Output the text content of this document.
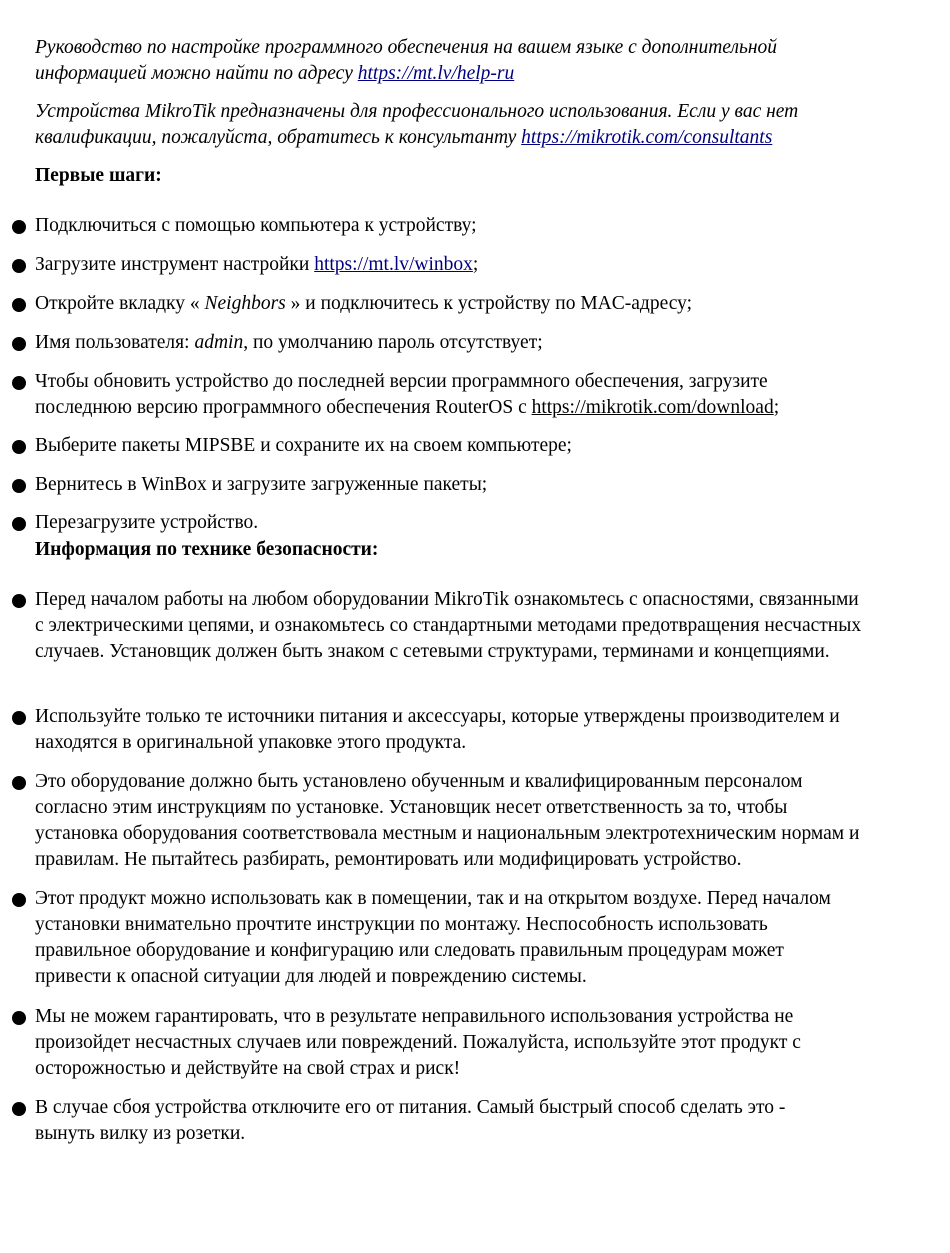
Руководство по настройке программного обеспечения на вашем языке с дополнительной информацией можно найти по адресу https://mt.lv/help-ru

Устройства MikroTik предназначены для профессионального использования. Если у вас нет квалификации, пожалуйста, обратитесь к консультанту https://mikrotik.com/consultants

Первые шаги:
Подключиться с помощью компьютера к устройству;
Загрузите инструмент настройки https://mt.lv/winbox;
Откройте вкладку « Neighbors » и подключитесь к устройству по MAC-адресу;
Имя пользователя: admin, по умолчанию пароль отсутствует;
Чтобы обновить устройство до последней версии программного обеспечения, загрузите последнюю версию программного обеспечения RouterOS с https://mikrotik.com/download;
Выберите пакеты MIPSBE и сохраните их на своем компьютере;
Вернитесь в WinBox и загрузите загруженные пакеты;
Перезагрузите устройство.
Информация по технике безопасности:
Перед началом работы на любом оборудовании MikroTik ознакомьтесь с опасностями, связанными с электрическими цепями, и ознакомьтесь со стандартными методами предотвращения несчастных случаев. Установщик должен быть знаком с сетевыми структурами, терминами и концепциями.
Используйте только те источники питания и аксессуары, которые утверждены производителем и находятся в оригинальной упаковке этого продукта.
Это оборудование должно быть установлено обученным и квалифицированным персоналом согласно этим инструкциям по установке. Установщик несет ответственность за то, чтобы установка оборудования соответствовала местным и национальным электротехническим нормам и правилам. Не пытайтесь разбирать, ремонтировать или модифицировать устройство.
Этот продукт можно использовать как в помещении, так и на открытом воздухе. Перед началом установки внимательно прочтите инструкции по монтажу. Неспособность использовать правильное оборудование и конфигурацию или следовать правильным процедурам может привести к опасной ситуации для людей и повреждению системы.
Мы не можем гарантировать, что в результате неправильного использования устройства не произойдет несчастных случаев или повреждений. Пожалуйста, используйте этот продукт с осторожностью и действуйте на свой страх и риск!
В случае сбоя устройства отключите его от питания. Самый быстрый способ сделать это - вынуть вилку из розетки.
